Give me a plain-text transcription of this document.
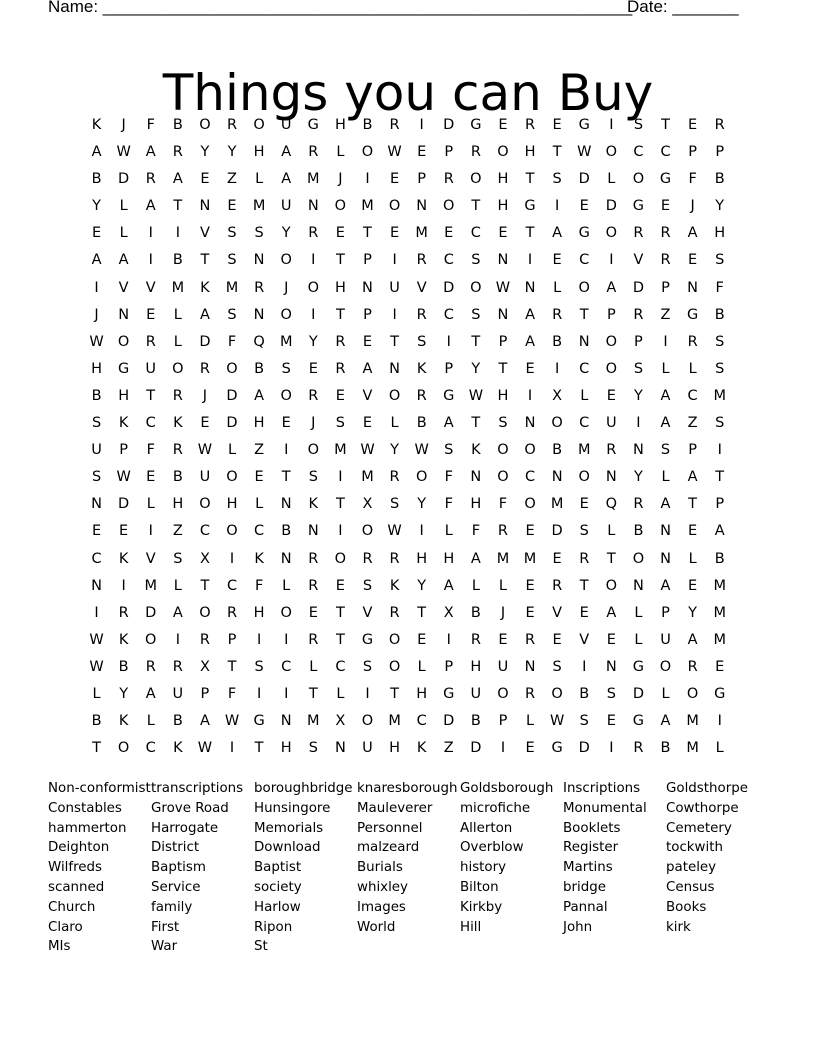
Name: ________________________________________________________
Date: _______
Things you can Buy
K J F B O R O U G H B R I D G E R E G I S T E R
A W A R Y Y H A R L O W E P R O H T W O C C P P
B D R A E Z L A M J I E P R O H T S D L O G F B
Y L A T N E M U N O M O N O T H G I E D G E J Y
E L I I V S S Y R E T E M E C E T A G O R R A H
A A I B T S N O I T P I R C S N I E C I V R E S
I V V M K M R J O H N U V D O W N L O A D P N F
J N E L A S N O I T P I R C S N A R T P R Z G B
W O R L D F Q M Y R E T S I T P A B N O P I R S
H G U O R O B S E R A N K P Y T E I C O S L L S
B H T R J D A O R E V O R G W H I X L E Y A C M
S K C K E D H E J S E L B A T S N O C U I A Z S
U P F R W L Z I O M W Y W S K O O B M R N S P I
S W E B U O E T S I M R O F N O C N O N Y L A T
N D L H O H L N K T X S Y F H F O M E Q R A T P
E E I Z C O C B N I O W I L F R E D S L B N E A
C K V S X I K N R O R R H H A M M E R T O N L B
N I M L T C F L R E S K Y A L L E R T O N A E M
I R D A O R H O E T V R T X B J E V E A L P Y M
W K O I R P I I R T G O E I R E R E V E L U A M
W B R R X T S C L C S O L P H U N S I N G O R E
L Y A U P F I I T L I T H G U O R O B S D L O G
B K L B A W G N M X O M C D B P L W S E G A M I
T O C K W I T H S N U H K Z D I E G D I R B M L
Non-conformist
Constables
hammerton
Deighton
Wilfreds
scanned
Church
Claro
MIs
transcriptions
Grove Road
Harrogate
District
Baptism
Service
family
First
War
boroughbridge
Hunsingore
Memorials
Download
Baptist
society
Harlow
Ripon
St
knaresborough
Mauleverer
Personnel
malzeard
Burials
whixley
Images
World
Goldsborough
microfiche
Allerton
Overblow
history
Bilton
Kirkby
Hill
Inscriptions
Monumental
Booklets
Register
Martins
bridge
Pannal
John
Goldsthorpe
Cowthorpe
Cemetery
tockwith
pateley
Census
Books
kirk
